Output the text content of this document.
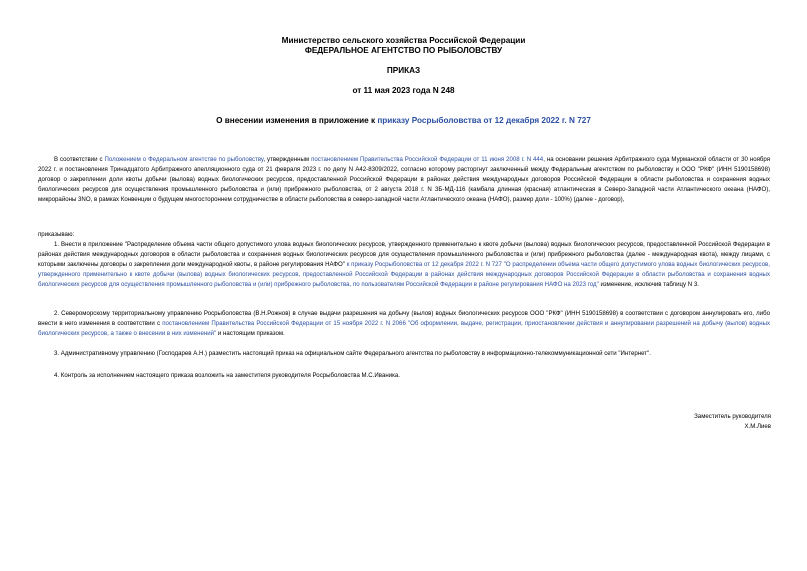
Министерство сельского хозяйства Российской Федерации
ФЕДЕРАЛЬНОЕ АГЕНТСТВО ПО РЫБОЛОВСТВУ
ПРИКАЗ
от 11 мая 2023 года N 248
О внесении изменения в приложение к приказу Росрыболовства от 12 декабря 2022 г. N 727
В соответствии с Положением о Федеральном агентстве по рыболовству, утвержденным постановлением Правительства Российской Федерации от 11 июня 2008 г. N 444, на основании решения Арбитражного суда Мурманской области от 30 ноября 2022 г. и постановления Тринадцатого Арбитражного апелляционного суда от 21 февраля 2023 г. по делу N А42-8309/2022, согласно которому расторгнут заключенный между Федеральным агентством по рыболовству и ООО "РКФ" (ИНН 5190158698) договор о закреплении доли квоты добычи (вылова) водных биологических ресурсов, предоставленной Российской Федерации в районах действия международных договоров Российской Федерации в области рыболовства и сохранения водных биологических ресурсов для осуществления промышленного рыболовства и (или) прибрежного рыболовства, от 2 августа 2018 г. N ЗБ-МД-116 (камбала длинная (красная) атлантическая в Северо-Западной части Атлантического океана (НАФО), микрорайоны 3NO, в рамках Конвенции о будущем многостороннем сотрудничестве в области рыболовства в северо-западной части Атлантического океана (НАФО), размер доли - 100%) (далее - договор),
приказываю:
1. Внести в приложение "Распределение объема части общего допустимого улова водных биологических ресурсов, утвержденного применительно к квоте добычи (вылова) водных биологических ресурсов, предоставленной Российской Федерации в районах действия международных договоров в области рыболовства и сохранения водных биологических ресурсов для осуществления промышленного рыболовства и (или) прибрежного рыболовства (далее - международная квота), между лицами, с которыми заключены договоры о закреплении доли международной квоты, в районе регулирования НАФО" к приказу Росрыболовства от 12 декабря 2022 г. N 727 "О распределении объема части общего допустимого улова водных биологических ресурсов, утвержденного применительно к квоте добычи (вылова) водных биологических ресурсов, предоставленной Российской Федерации в районах действия международных договоров Российской Федерации в области рыболовства и сохранения водных биологических ресурсов для осуществления промышленного рыболовства и (или) прибрежного рыболовства, по пользователям Российской Федерации в районе регулирования НАФО на 2023 год" изменение, исключив таблицу N 3.
2. Североморскому территориальному управлению Росрыболовства (В.Н.Рожнов) в случае выдачи разрешения на добычу (вылов) водных биологических ресурсов ООО "РКФ" (ИНН 5190158698) в соответствии с договором аннулировать его, либо внести в него изменения в соответствии с постановлением Правительства Российской Федерации от 15 ноября 2022 г. N 2066 "Об оформлении, выдаче, регистрации, приостановлении действия и аннулировании разрешений на добычу (вылов) водных биологических ресурсов, а также о внесении в них изменений" и настоящим приказом.
3. Административному управлению (Господарев А.Н.) разместить настоящий приказ на официальном сайте Федерального агентства по рыболовству в информационно-телекоммуникационной сети "Интернет".
4. Контроль за исполнением настоящего приказа возложить на заместителя руководителя Росрыболовства М.С.Иваника.
Заместитель руководителя
Х.М.Лиев
